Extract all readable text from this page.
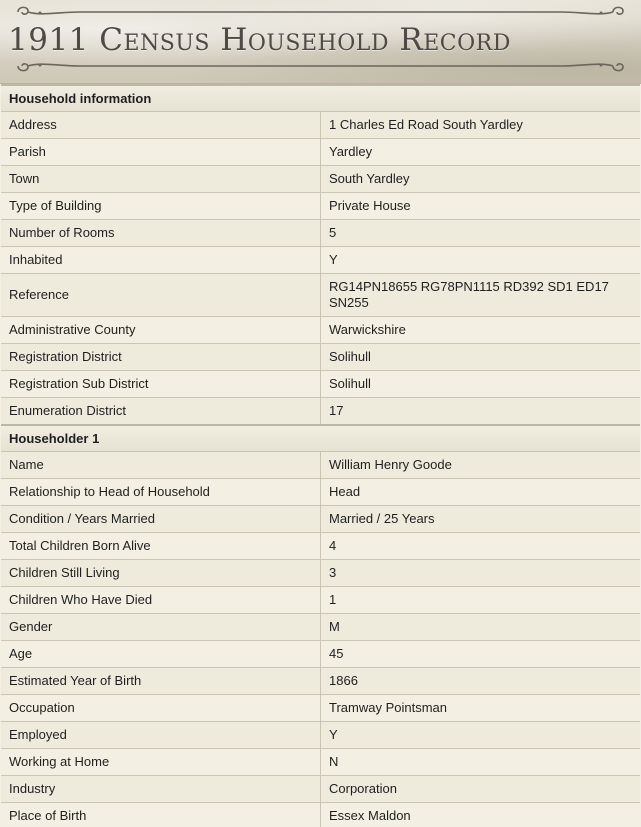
1911 Census Household Record
Household information	
Address	1 Charles Ed Road South Yardley
Parish	Yardley
Town	South Yardley
Type of Building	Private House
Number of Rooms	5
Inhabited	Y
Reference	RG14PN18655 RG78PN1115 RD392 SD1 ED17 SN255
Administrative County	Warwickshire
Registration District	Solihull
Registration Sub District	Solihull
Enumeration District	17
Householder 1	
Name	William Henry Goode
Relationship to Head of Household	Head
Condition / Years Married	Married / 25 Years
Total Children Born Alive	4
Children Still Living	3
Children Who Have Died	1
Gender	M
Age	45
Estimated Year of Birth	1866
Occupation	Tramway Pointsman
Employed	Y
Working at Home	N
Industry	Corporation
Place of Birth	Essex Maldon
